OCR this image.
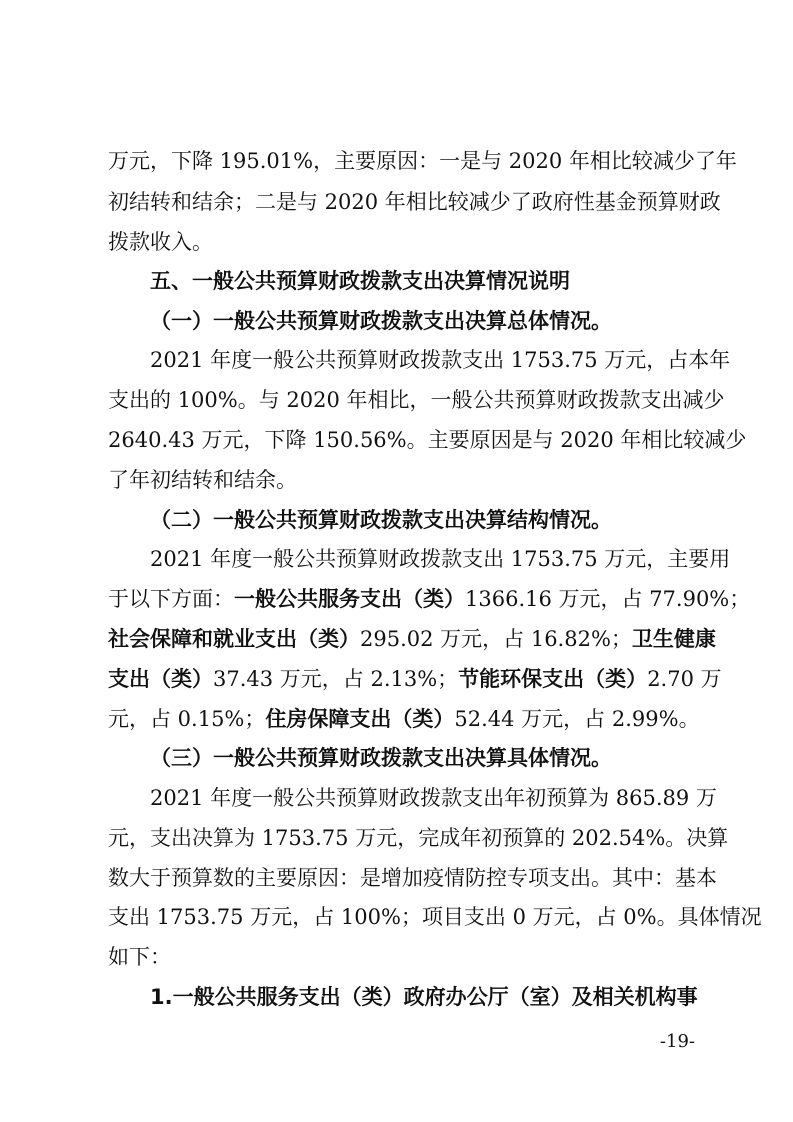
万元，下降 195.01%，主要原因：一是与 2020 年相比较减少了年
初结转和结余；二是与 2020 年相比较减少了政府性基金预算财政
拨款收入。
五、一般公共预算财政拨款支出决算情况说明
（一）一般公共预算财政拨款支出决算总体情况。
2021 年度一般公共预算财政拨款支出 1753.75 万元，占本年
支出的 100%。与 2020 年相比，一般公共预算财政拨款支出减少
2640.43 万元，下降 150.56%。主要原因是与 2020 年相比较减少
了年初结转和结余。
（二）一般公共预算财政拨款支出决算结构情况。
2021 年度一般公共预算财政拨款支出 1753.75 万元，主要用
于以下方面：一般公共服务支出（类）1366.16 万元，占 77.90%；
社会保障和就业支出（类）295.02 万元，占 16.82%；卫生健康
支出（类）37.43 万元，占 2.13%；节能环保支出（类）2.70 万
元，占 0.15%；住房保障支出（类）52.44 万元，占 2.99%。
（三）一般公共预算财政拨款支出决算具体情况。
2021 年度一般公共预算财政拨款支出年初预算为 865.89 万
元，支出决算为 1753.75 万元，完成年初预算的 202.54%。决算
数大于预算数的主要原因：是增加疫情防控专项支出。其中：基本
支出 1753.75 万元，占 100%；项目支出 0 万元，占 0%。具体情况
如下：
1.一般公共服务支出（类）政府办公厅（室）及相关机构事
-19-
